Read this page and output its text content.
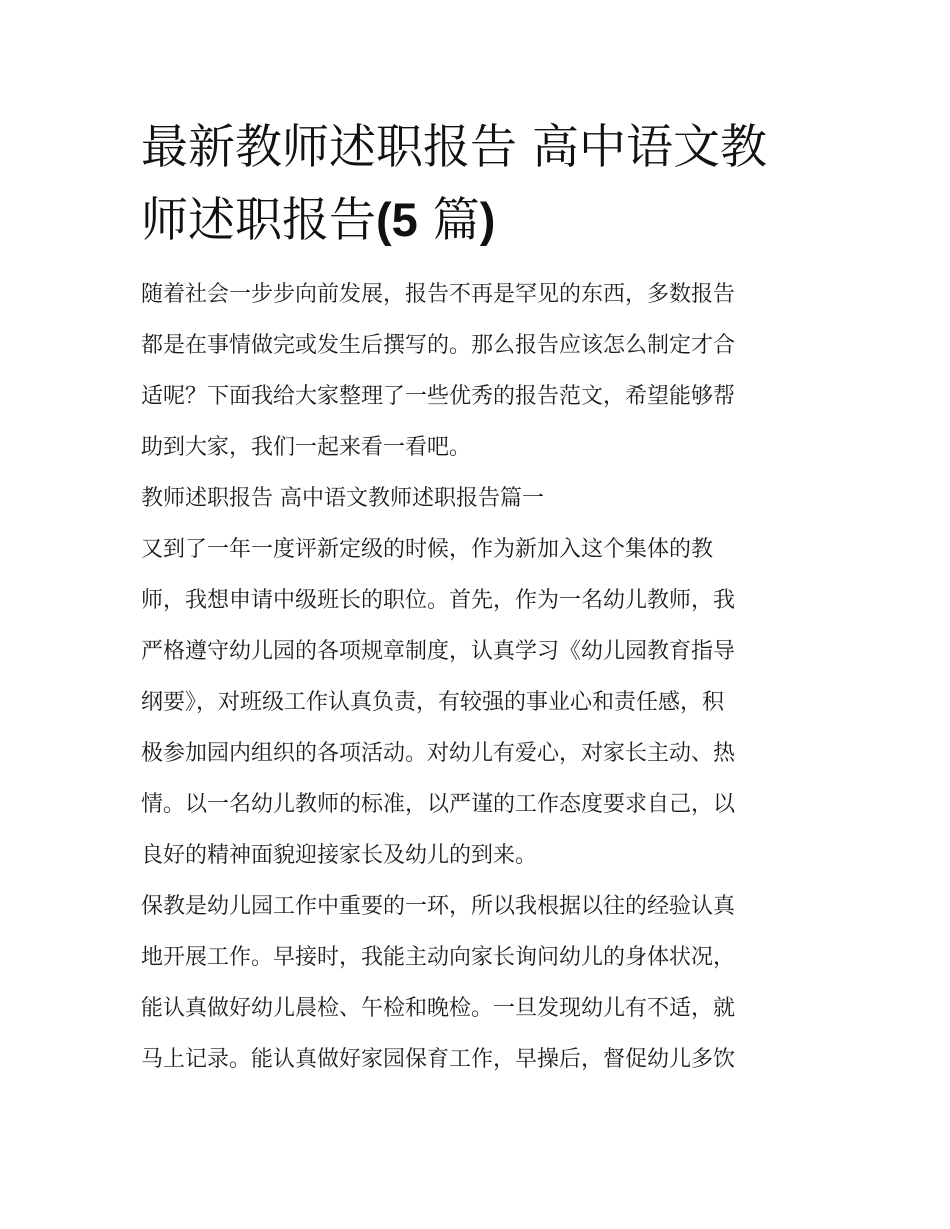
最新教师述职报告 高中语文教
师述职报告(5 篇)

随着社会一步步向前发展，报告不再是罕见的东西，多数报告
都是在事情做完或发生后撰写的。那么报告应该怎么制定才合
适呢？下面我给大家整理了一些优秀的报告范文，希望能够帮
助到大家，我们一起来看一看吧。

教师述职报告 高中语文教师述职报告篇一

又到了一年一度评新定级的时候，作为新加入这个集体的教
师，我想申请中级班长的职位。首先，作为一名幼儿教师，我
严格遵守幼儿园的各项规章制度，认真学习《幼儿园教育指导
纲要》，对班级工作认真负责，有较强的事业心和责任感，积
极参加园内组织的各项活动。对幼儿有爱心，对家长主动、热
情。以一名幼儿教师的标准，以严谨的工作态度要求自己，以
良好的精神面貌迎接家长及幼儿的到来。

保教是幼儿园工作中重要的一环，所以我根据以往的经验认真
地开展工作。早接时，我能主动向家长询问幼儿的身体状况，
能认真做好幼儿晨检、午检和晚检。一旦发现幼儿有不适，就
马上记录。能认真做好家园保育工作，早操后，督促幼儿多饮
